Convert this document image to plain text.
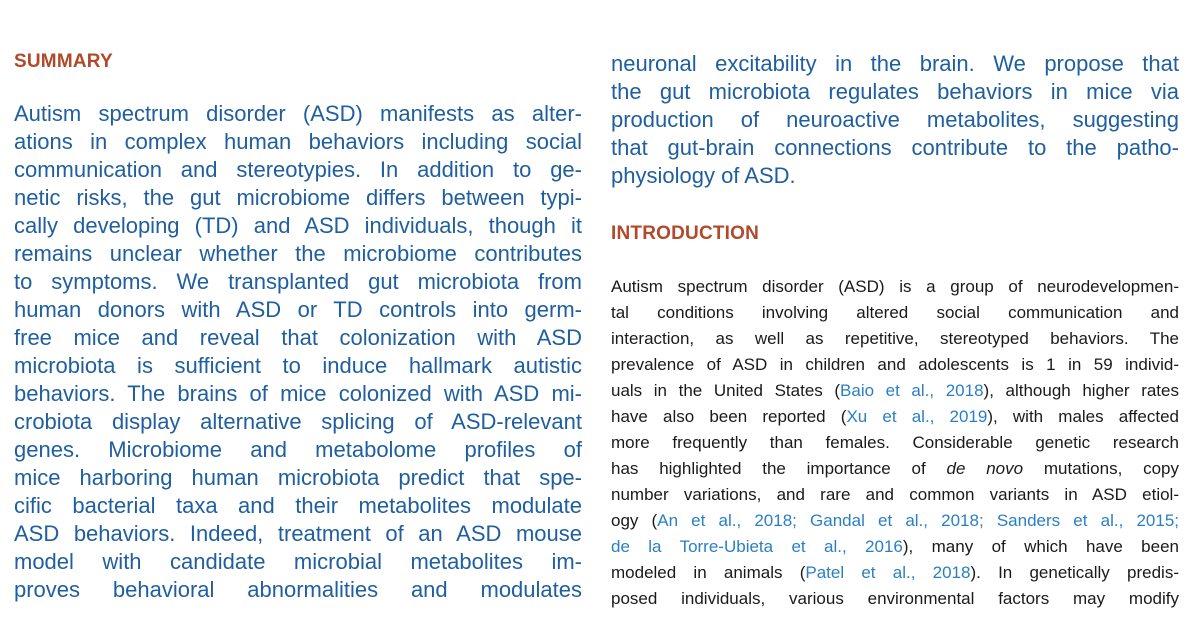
SUMMARY
Autism spectrum disorder (ASD) manifests as alter-
ations in complex human behaviors including social
communication and stereotypies. In addition to ge-
netic risks, the gut microbiome differs between typi-
cally developing (TD) and ASD individuals, though it
remains unclear whether the microbiome contributes
to symptoms. We transplanted gut microbiota from
human donors with ASD or TD controls into germ-
free mice and reveal that colonization with ASD
microbiota is sufficient to induce hallmark autistic
behaviors. The brains of mice colonized with ASD mi-
crobiota display alternative splicing of ASD-relevant
genes. Microbiome and metabolome profiles of
mice harboring human microbiota predict that spe-
cific bacterial taxa and their metabolites modulate
ASD behaviors. Indeed, treatment of an ASD mouse
model with candidate microbial metabolites im-
proves behavioral abnormalities and modulates
neuronal excitability in the brain. We propose that
the gut microbiota regulates behaviors in mice via
production of neuroactive metabolites, suggesting
that gut-brain connections contribute to the patho-
physiology of ASD.
INTRODUCTION
Autism spectrum disorder (ASD) is a group of neurodevelopmen-
tal conditions involving altered social communication and
interaction, as well as repetitive, stereotyped behaviors. The
prevalence of ASD in children and adolescents is 1 in 59 individ-
uals in the United States (Baio et al., 2018), although higher rates
have also been reported (Xu et al., 2019), with males affected
more frequently than females. Considerable genetic research
has highlighted the importance of de novo mutations, copy
number variations, and rare and common variants in ASD etiol-
ogy (An et al., 2018; Gandal et al., 2018; Sanders et al., 2015;
de la Torre-Ubieta et al., 2016), many of which have been
modeled in animals (Patel et al., 2018). In genetically predis-
posed individuals, various environmental factors may modify
